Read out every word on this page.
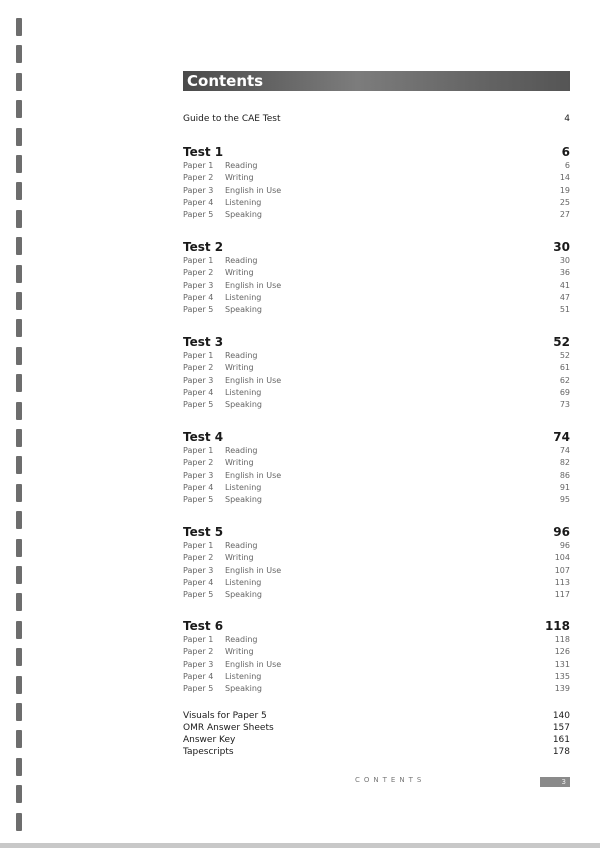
Contents
Guide to the CAE Test	4
Test 1	6
Paper 1 Reading	6
Paper 2 Writing	14
Paper 3 English in Use	19
Paper 4 Listening	25
Paper 5 Speaking	27
Test 2	30
Paper 1 Reading	30
Paper 2 Writing	36
Paper 3 English in Use	41
Paper 4 Listening	47
Paper 5 Speaking	51
Test 3	52
Paper 1 Reading	52
Paper 2 Writing	61
Paper 3 English in Use	62
Paper 4 Listening	69
Paper 5 Speaking	73
Test 4	74
Paper 1 Reading	74
Paper 2 Writing	82
Paper 3 English in Use	86
Paper 4 Listening	91
Paper 5 Speaking	95
Test 5	96
Paper 1 Reading	96
Paper 2 Writing	104
Paper 3 English in Use	107
Paper 4 Listening	113
Paper 5 Speaking	117
Test 6	118
Paper 1 Reading	118
Paper 2 Writing	126
Paper 3 English in Use	131
Paper 4 Listening	135
Paper 5 Speaking	139
Visuals for Paper 5	140
OMR Answer Sheets	157
Answer Key	161
Tapescripts	178
CONTENTS	3
